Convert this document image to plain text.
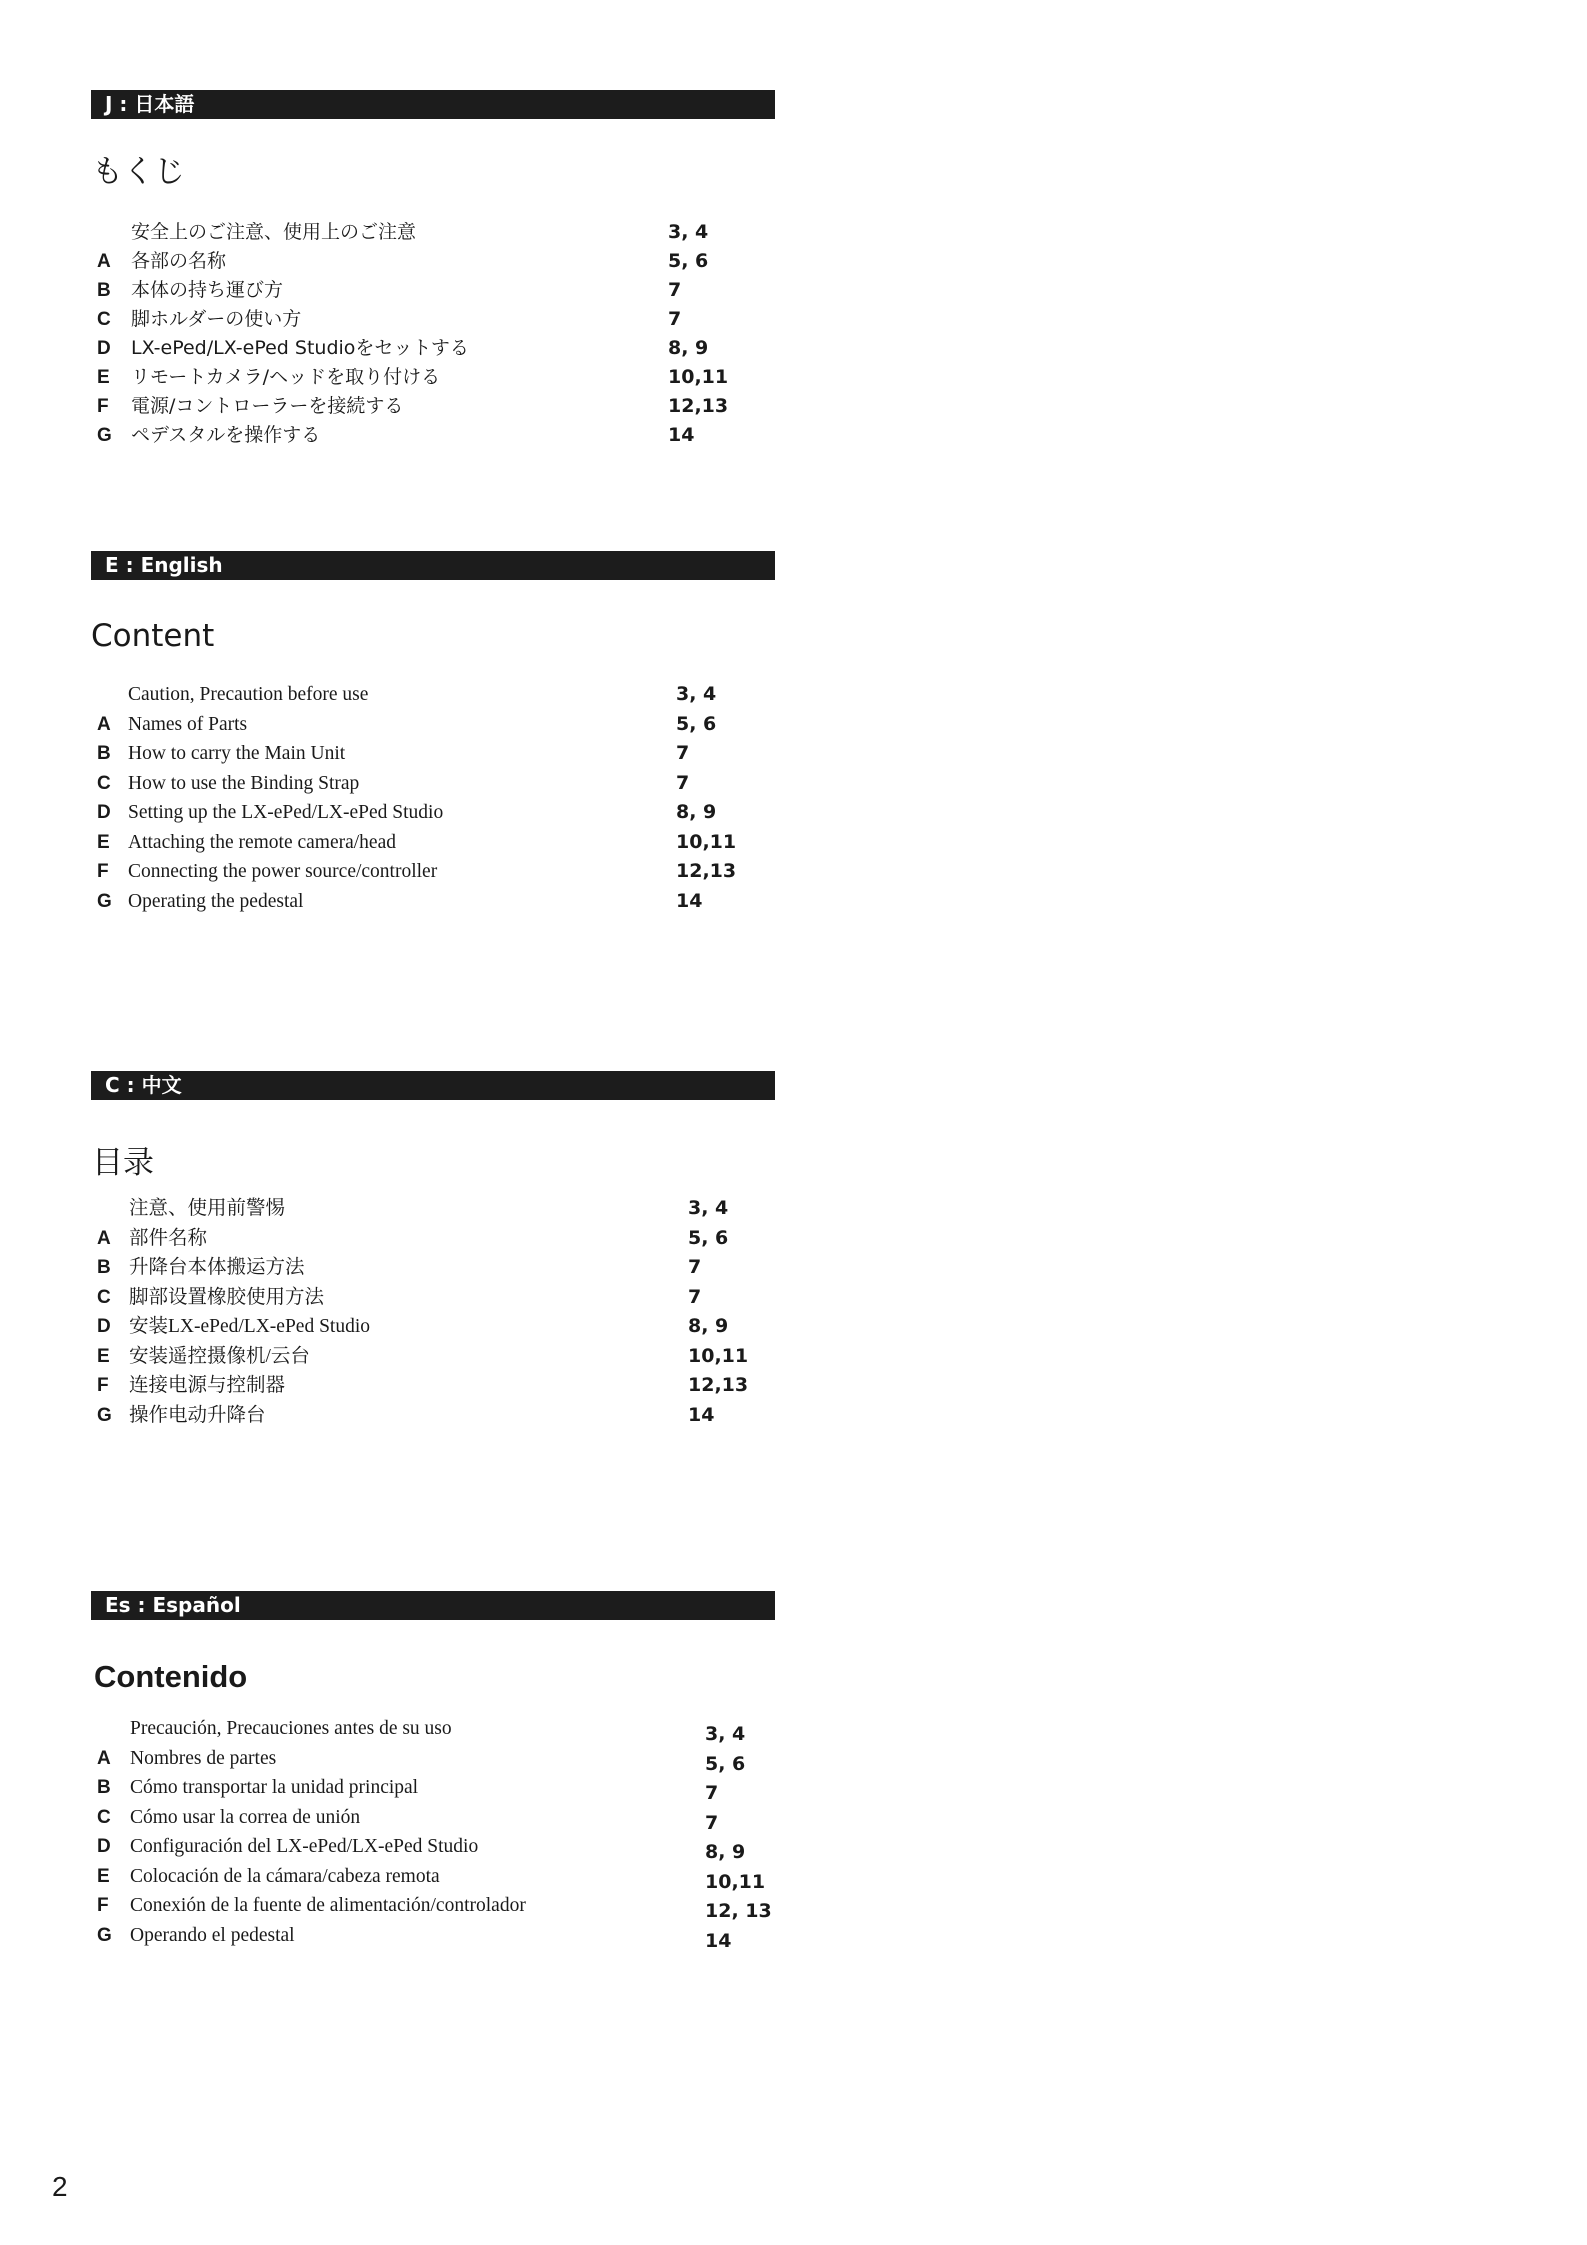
J : 日本語
もくじ
安全上のご注意、使用上のご注意	3, 4
A 各部の名称	5, 6
B 本体の持ち運び方	7
C 脚ホルダーの使い方	7
D LX-ePed/LX-ePed Studioをセットする	8, 9
E リモートカメラ/ヘッドを取り付ける	10,11
F 電源/コントローラーを接続する	12,13
G ペデスタルを操作する	14
E : English
Content
Caution, Precaution before use	3, 4
A Names of Parts	5, 6
B How to carry the Main Unit	7
C How to use the Binding Strap	7
D Setting up the LX-ePed/LX-ePed Studio	8, 9
E Attaching the remote camera/head	10,11
F Connecting the power source/controller	12,13
G Operating the pedestal	14
C : 中文
目录
注意、使用前警惕	3, 4
A 部件名称	5, 6
B 升降台本体搬运方法	7
C 脚部设置橡胶使用方法	7
D 安装LX-ePed/LX-ePed Studio	8, 9
E 安装遥控摄像机/云台	10,11
F 连接电源与控制器	12,13
G 操作电动升降台	14
Es : Español
Contenido
Precaución, Precauciones antes de su uso	3, 4
A Nombres de partes	5, 6
B Cómo transportar la unidad principal	7
C Cómo usar la correa de unión	7
D Configuración del LX-ePed/LX-ePed Studio	8, 9
E Colocación de la cámara/cabeza remota	10,11
F Conexión de la fuente de alimentación/controlador	12, 13
G Operando el pedestal	14
2
